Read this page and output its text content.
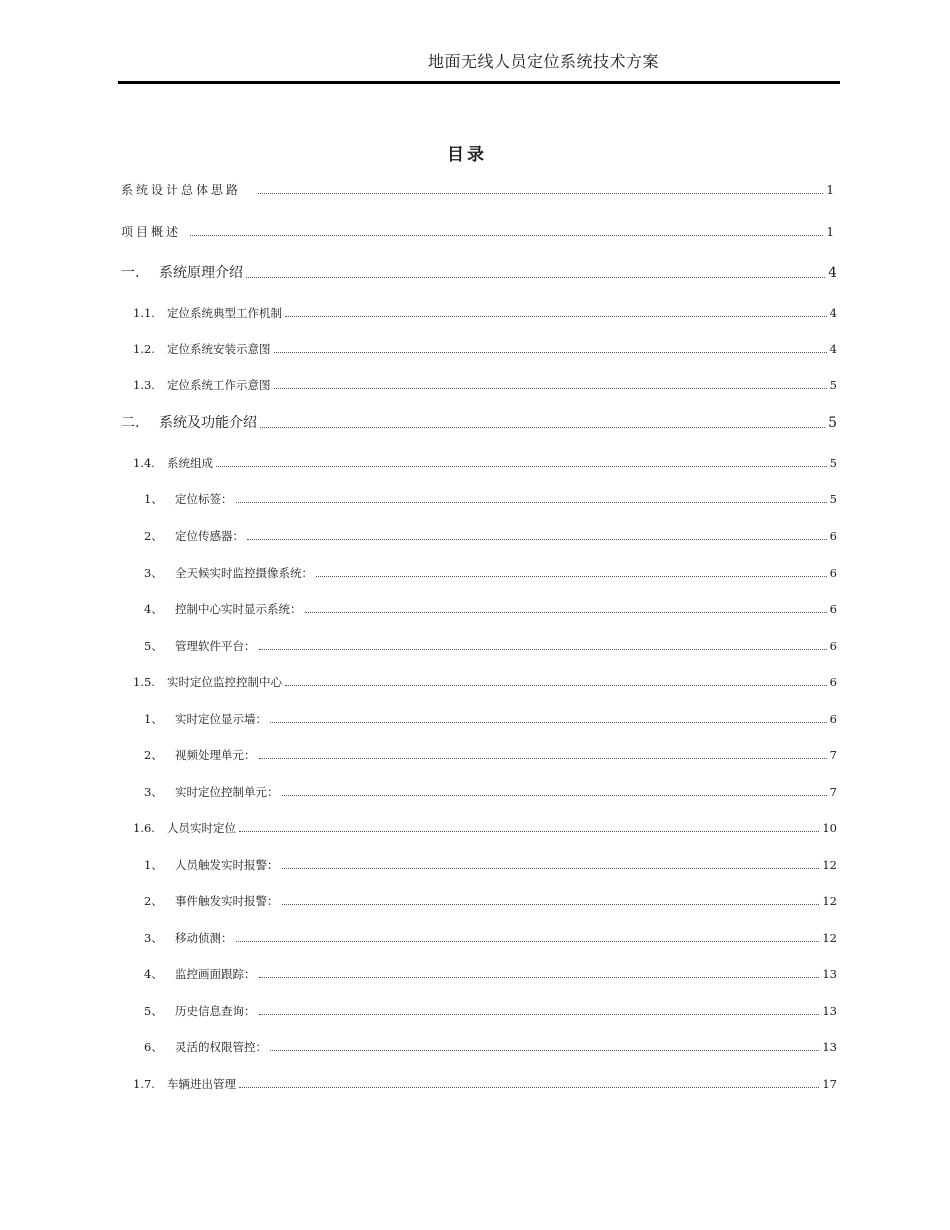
地面无线人员定位系统技术方案
目录
系统设计总体思路	1
项目概述	1
一.	系统原理介绍	4
1.1.	定位系统典型工作机制	4
1.2.	定位系统安装示意图	4
1.3.	定位系统工作示意图	5
二.	系统及功能介绍	5
1.4.	系统组成	5
1、	定位标签：	5
2、	定位传感器：	6
3、	全天候实时监控摄像系统：	6
4、	控制中心实时显示系统：	6
5、	管理软件平台：	6
1.5.	实时定位监控控制中心	6
1、	实时定位显示墙：	6
2、	视频处理单元：	7
3、	实时定位控制单元：	7
1.6.	人员实时定位	10
1、	人员触发实时报警：	12
2、	事件触发实时报警：	12
3、	移动侦测：	12
4、	监控画面跟踪：	13
5、	历史信息查询：	13
6、	灵活的权限管控：	13
1.7.	车辆进出管理	17
